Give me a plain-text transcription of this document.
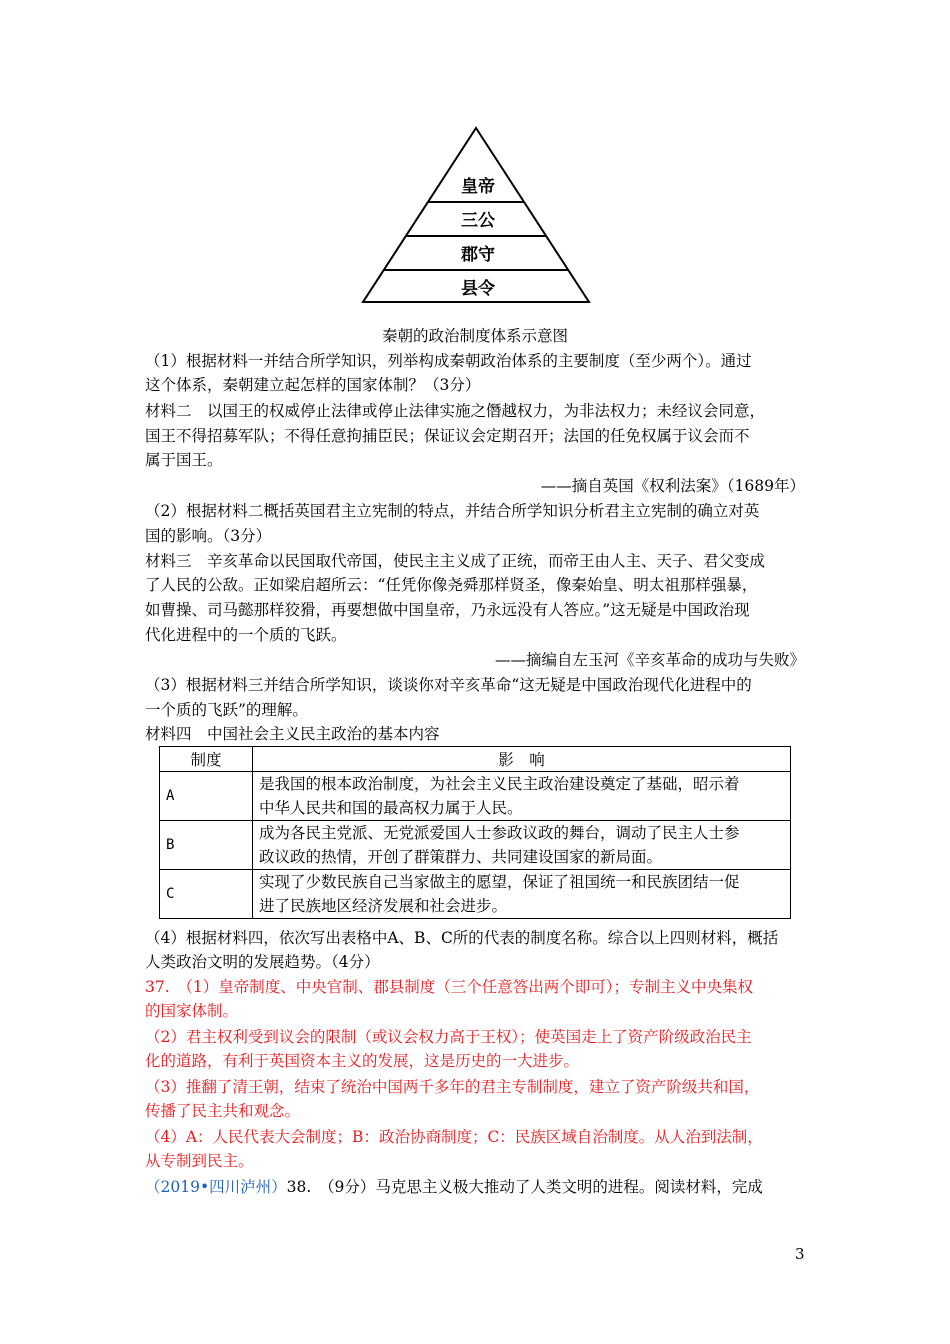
皇帝
三公
郡守
县令
秦朝的政治制度体系示意图
（1）根据材料一并结合所学知识，列举构成秦朝政治体系的主要制度（至少两个）。通过
这个体系，秦朝建立起怎样的国家体制？（3分）
材料二　以国王的权威停止法律或停止法律实施之僭越权力，为非法权力；未经议会同意，
国王不得招募军队；不得任意拘捕臣民；保证议会定期召开；法国的任免权属于议会而不
属于国王。
——摘自英国《权利法案》（1689年）
（2）根据材料二概括英国君主立宪制的特点，并结合所学知识分析君主立宪制的确立对英
国的影响。（3分）
材料三　辛亥革命以民国取代帝国，使民主主义成了正统，而帝王由人主、天子、君父变成
了人民的公敌。正如梁启超所云：“任凭你像尧舜那样贤圣，像秦始皇、明太祖那样强暴，
如曹操、司马懿那样狡猾，再要想做中国皇帝，乃永远没有人答应。”这无疑是中国政治现
代化进程中的一个质的飞跃。
——摘编自左玉河《辛亥革命的成功与失败》
（3）根据材料三并结合所学知识，谈谈你对辛亥革命“这无疑是中国政治现代化进程中的
一个质的飞跃”的理解。
材料四　中国社会主义民主政治的基本内容
制度	影　响
A	是我国的根本政治制度，为社会主义民主政治建设奠定了基础，昭示着
中华人民共和国的最高权力属于人民。
B	成为各民主党派、无党派爱国人士参政议政的舞台，调动了民主人士参
政议政的热情，开创了群策群力、共同建设国家的新局面。
C	实现了少数民族自己当家做主的愿望，保证了祖国统一和民族团结一促
进了民族地区经济发展和社会进步。
（4）根据材料四，依次写出表格中A、B、C所的代表的制度名称。综合以上四则材料，概括
人类政治文明的发展趋势。（4分）
37.　（1）皇帝制度、中央官制、郡县制度（三个任意答出两个即可）；专制主义中央集权
的国家体制。
（2）君主权利受到议会的限制（或议会权力高于王权）；使英国走上了资产阶级政治民主
化的道路，有利于英国资本主义的发展，这是历史的一大进步。
（3）推翻了清王朝，结束了统治中国两千多年的君主专制制度，建立了资产阶级共和国，
传播了民主共和观念。
（4）A：人民代表大会制度；B：政治协商制度；C：民族区域自治制度。从人治到法制，
从专制到民主。
（2019•四川泸州）38.　（9分）马克思主义极大推动了人类文明的进程。阅读材料，完成
3
